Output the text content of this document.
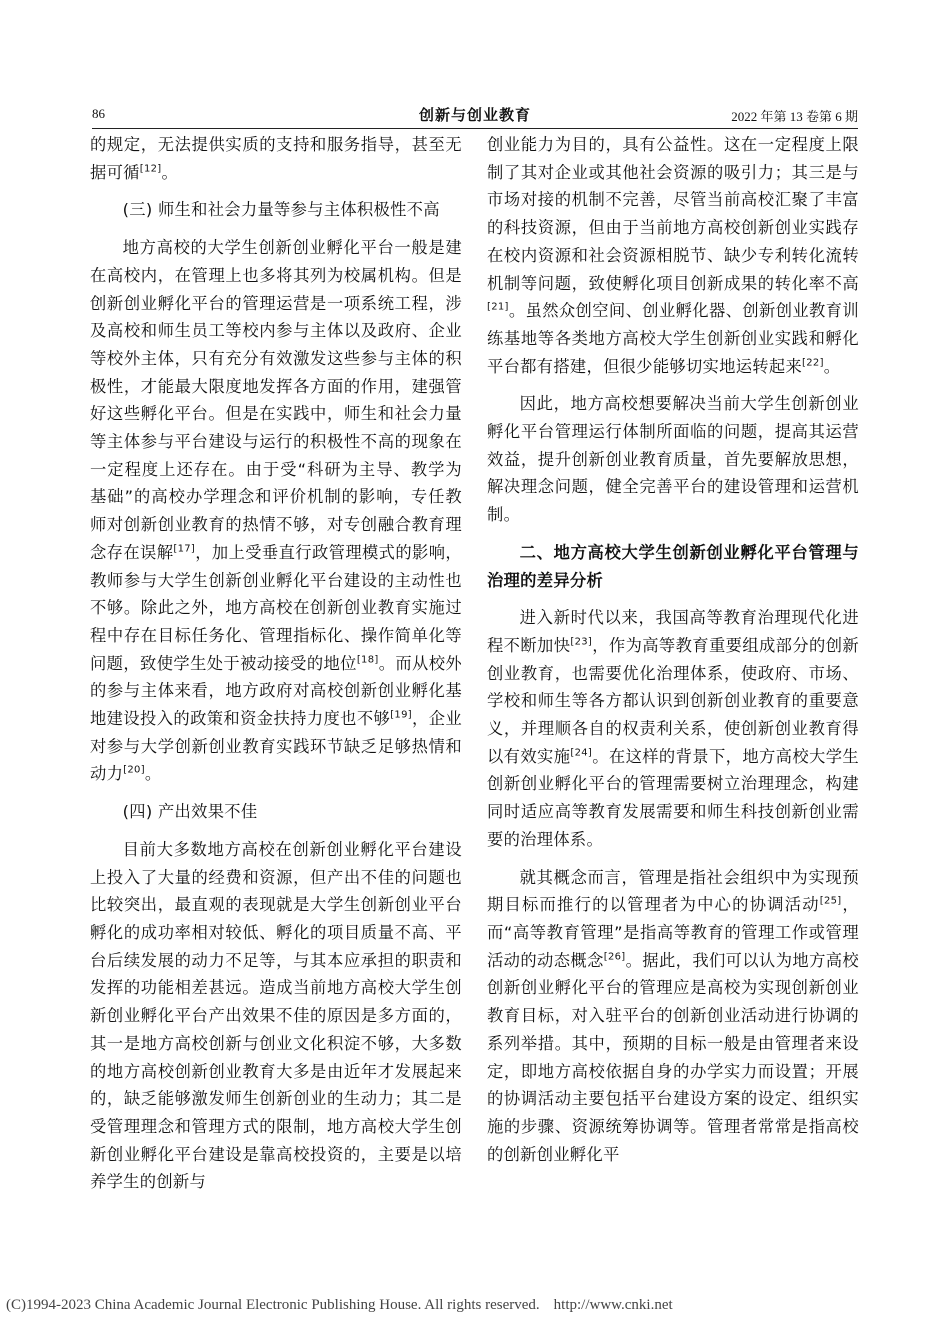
86	创新与创业教育	2022 年第 13 卷第 6 期

的规定，无法提供实质的支持和服务指导，甚至无据可循[12]。

(三) 师生和社会力量等参与主体积极性不高

地方高校的大学生创新创业孵化平台一般是建在高校内，在管理上也多将其列为校属机构。但是创新创业孵化平台的管理运营是一项系统工程，涉及高校和师生员工等校内参与主体以及政府、企业等校外主体，只有充分有效激发这些参与主体的积极性，才能最大限度地发挥各方面的作用，建强管好这些孵化平台。但是在实践中，师生和社会力量等主体参与平台建设与运行的积极性不高的现象在一定程度上还存在。由于受“科研为主导、教学为基础”的高校办学理念和评价机制的影响，专任教师对创新创业教育的热情不够，对专创融合教育理念存在误解[17]，加上受垂直行政管理模式的影响，教师参与大学生创新创业孵化平台建设的主动性也不够。除此之外，地方高校在创新创业教育实施过程中存在目标任务化、管理指标化、操作简单化等问题，致使学生处于被动接受的地位[18]。而从校外的参与主体来看，地方政府对高校创新创业孵化基地建设投入的政策和资金扶持力度也不够[19]，企业对参与大学创新创业教育实践环节缺乏足够热情和动力[20]。

(四) 产出效果不佳

目前大多数地方高校在创新创业孵化平台建设上投入了大量的经费和资源，但产出不佳的问题也比较突出，最直观的表现就是大学生创新创业平台孵化的成功率相对较低、孵化的项目质量不高、平台后续发展的动力不足等，与其本应承担的职责和发挥的功能相差甚远。造成当前地方高校大学生创新创业孵化平台产出效果不佳的原因是多方面的，其一是地方高校创新与创业文化积淀不够，大多数的地方高校创新创业教育大多是由近年才发展起来的，缺乏能够激发师生创新创业的生动力；其二是受管理理念和管理方式的限制，地方高校大学生创新创业孵化平台建设是靠高校投资的，主要是以培养学生的创新与

创业能力为目的，具有公益性。这在一定程度上限制了其对企业或其他社会资源的吸引力；其三是与市场对接的机制不完善，尽管当前高校汇聚了丰富的科技资源，但由于当前地方高校创新创业实践存在校内资源和社会资源相脱节、缺少专利转化流转机制等问题，致使孵化项目创新成果的转化率不高[21]。虽然众创空间、创业孵化器、创新创业教育训练基地等各类地方高校大学生创新创业实践和孵化平台都有搭建，但很少能够切实地运转起来[22]。

因此，地方高校想要解决当前大学生创新创业孵化平台管理运行体制所面临的问题，提高其运营效益，提升创新创业教育质量，首先要解放思想，解决理念问题，健全完善平台的建设管理和运营机制。

二、地方高校大学生创新创业孵化平台管理与治理的差异分析

进入新时代以来，我国高等教育治理现代化进程不断加快[23]，作为高等教育重要组成部分的创新创业教育，也需要优化治理体系，使政府、市场、学校和师生等各方都认识到创新创业教育的重要意义，并理顺各自的权责利关系，使创新创业教育得以有效实施[24]。在这样的背景下，地方高校大学生创新创业孵化平台的管理需要树立治理理念，构建同时适应高等教育发展需要和师生科技创新创业需要的治理体系。

就其概念而言，管理是指社会组织中为实现预期目标而推行的以管理者为中心的协调活动[25]，而“高等教育管理”是指高等教育的管理工作或管理活动的动态概念[26]。据此，我们可以认为地方高校创新创业孵化平台的管理应是高校为实现创新创业教育目标，对入驻平台的创新创业活动进行协调的系列举措。其中，预期的目标一般是由管理者来设定，即地方高校依据自身的办学实力而设置；开展的协调活动主要包括平台建设方案的设定、组织实施的步骤、资源统筹协调等。管理者常常是指高校的创新创业孵化平

(C)1994-2023 China Academic Journal Electronic Publishing House. All rights reserved. http://www.cnki.net
